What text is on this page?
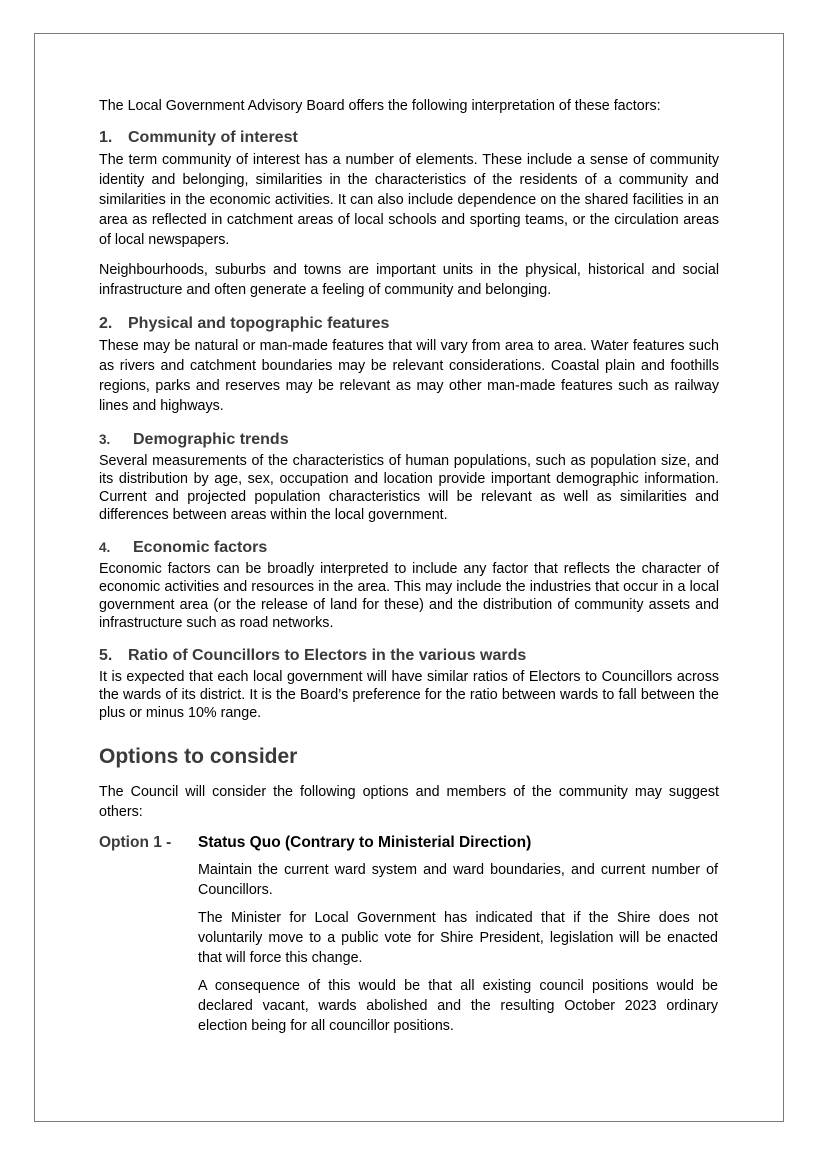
The Local Government Advisory Board offers the following interpretation of these factors:

1. Community of interest

The term community of interest has a number of elements. These include a sense of community identity and belonging, similarities in the characteristics of the residents of a community and similarities in the economic activities. It can also include dependence on the shared facilities in an area as reflected in catchment areas of local schools and sporting teams, or the circulation areas of local newspapers.

Neighbourhoods, suburbs and towns are important units in the physical, historical and social infrastructure and often generate a feeling of community and belonging.

2. Physical and topographic features

These may be natural or man-made features that will vary from area to area. Water features such as rivers and catchment boundaries may be relevant considerations. Coastal plain and foothills regions, parks and reserves may be relevant as may other man-made features such as railway lines and highways.

3.	Demographic trends

Several measurements of the characteristics of human populations, such as population size, and its distribution by age, sex, occupation and location provide important demographic information. Current and projected population characteristics will be relevant as well as similarities and differences between areas within the local government.

4.	Economic factors

Economic factors can be broadly interpreted to include any factor that reflects the character of economic activities and resources in the area. This may include the industries that occur in a local government area (or the release of land for these) and the distribution of community assets and infrastructure such as road networks.

5. Ratio of Councillors to Electors in the various wards

It is expected that each local government will have similar ratios of Electors to Councillors across the wards of its district. It is the Board’s preference for the ratio between wards to fall between the plus or minus 10% range.

Options to consider

The Council will consider the following options and members of the community may suggest others:

Option 1 -	Status Quo (Contrary to Ministerial Direction)

Maintain the current ward system and ward boundaries, and current number of Councillors.

The Minister for Local Government has indicated that if the Shire does not voluntarily move to a public vote for Shire President, legislation will be enacted that will force this change.

A consequence of this would be that all existing council positions would be declared vacant, wards abolished and the resulting October 2023 ordinary election being for all councillor positions.
